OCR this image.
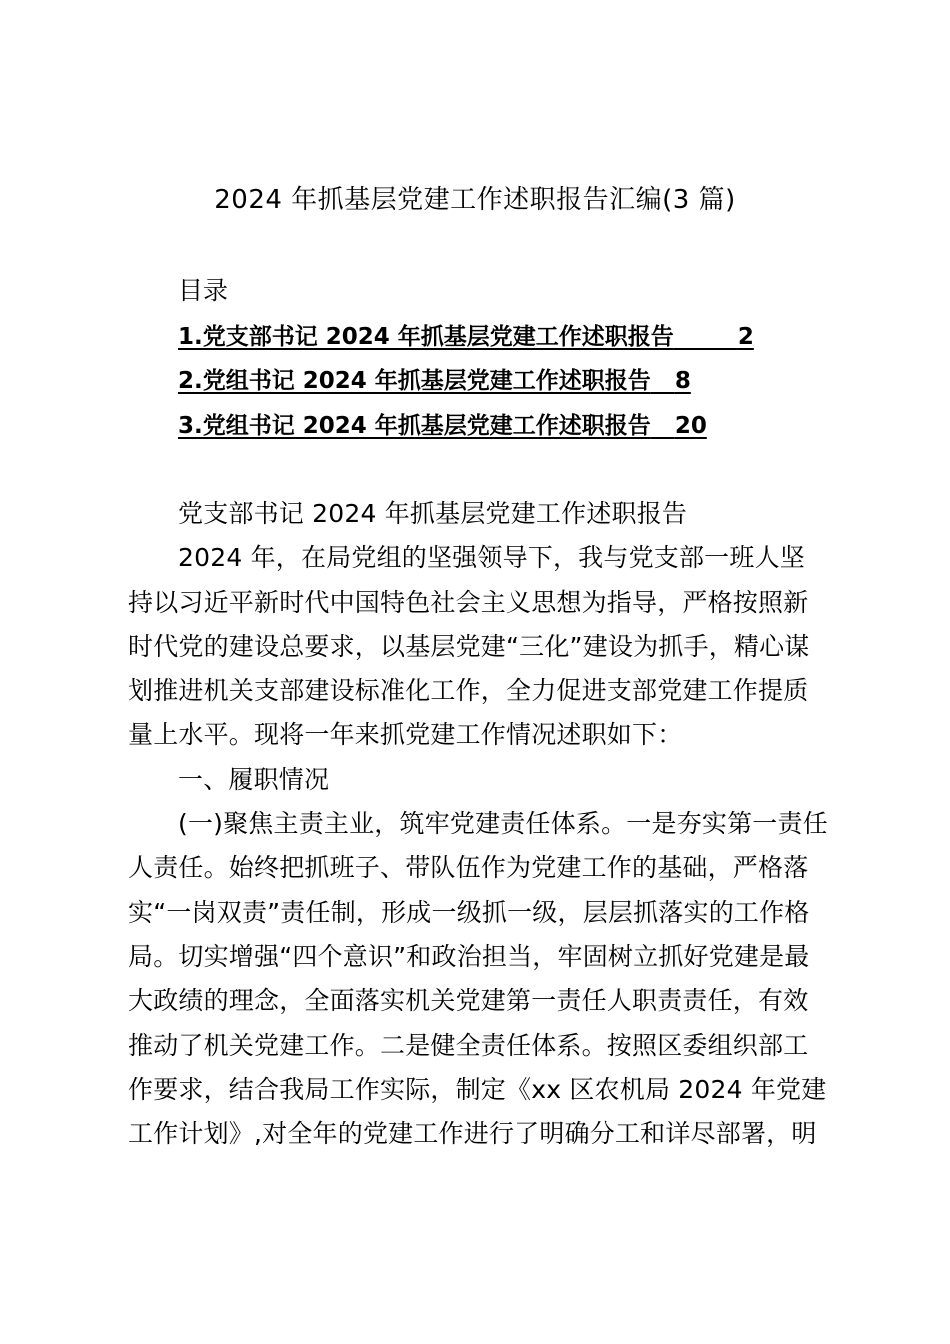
2024 年抓基层党建工作述职报告汇编(3 篇)
目录
1.党支部书记 2024 年抓基层党建工作述职报告	2
2.党组书记 2024 年抓基层党建工作述职报告 8
3.党组书记 2024 年抓基层党建工作述职报告 20
党支部书记 2024 年抓基层党建工作述职报告
2024 年，在局党组的坚强领导下，我与党支部一班人坚
持以习近平新时代中国特色社会主义思想为指导，严格按照新
时代党的建设总要求，以基层党建“三化”建设为抓手，精心谋
划推进机关支部建设标准化工作，全力促进支部党建工作提质
量上水平。现将一年来抓党建工作情况述职如下：
一、履职情况
(一)聚焦主责主业，筑牢党建责任体系。一是夯实第一责任
人责任。始终把抓班子、带队伍作为党建工作的基础，严格落
实“一岗双责”责任制，形成一级抓一级，层层抓落实的工作格
局。切实增强“四个意识”和政治担当，牢固树立抓好党建是最
大政绩的理念，全面落实机关党建第一责任人职责责任，有效
推动了机关党建工作。二是健全责任体系。按照区委组织部工
作要求，结合我局工作实际，制定《xx 区农机局 2024 年党建
工作计划》,对全年的党建工作进行了明确分工和详尽部署，明
